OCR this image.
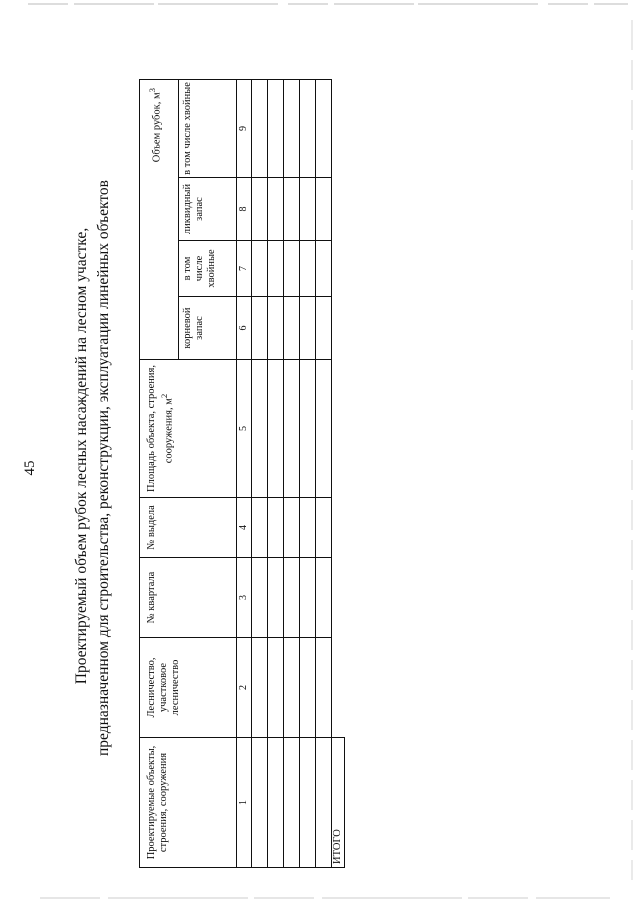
45 Проектируемый объем рубок лесных насаждений на лесном участке, предназначенном для строительства, реконструкции, эксплуатации линейных объектов
Проектируемые объекты, строения, сооружения	Лесничество, участковое лесничество	№ квартала	№ выдела	Площадь объекта, строения, сооружения, $м^2$	Объем рубок, $м^3$
					корневой запас	в том числе хвойные	ликвидный запас	в том числе хвойные
1	2	3	4	5	6	7	8	9

ИТОГО								
